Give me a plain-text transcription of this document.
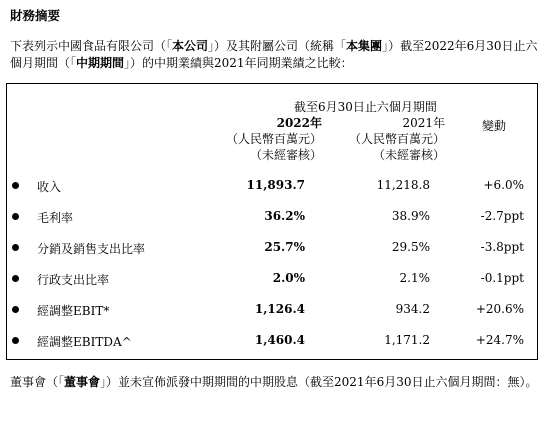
財務摘要
下表列示中國食品有限公司（「本公司」）及其附屬公司（統稱「本集團」）截至2022年6月30日止六個月期間（「中期期間」）的中期業績與2021年同期業績之比較：
截至6月30日止六個月期間
2022年
（人民幣百萬元）
（未經審核）
2021年
（人民幣百萬元）
（未經審核）
變動
收入	11,893.7	11,218.8	+6.0%
毛利率	36.2%	38.9%	-2.7ppt
分銷及銷售支出比率	25.7%	29.5%	-3.8ppt
行政支出比率	2.0%	2.1%	-0.1ppt
經調整EBIT*	1,126.4	934.2	+20.6%
經調整EBITDA^	1,460.4	1,171.2	+24.7%
董事會（「董事會」）並未宣佈派發中期期間的中期股息（截至2021年6月30日止六個月期間：無）。
